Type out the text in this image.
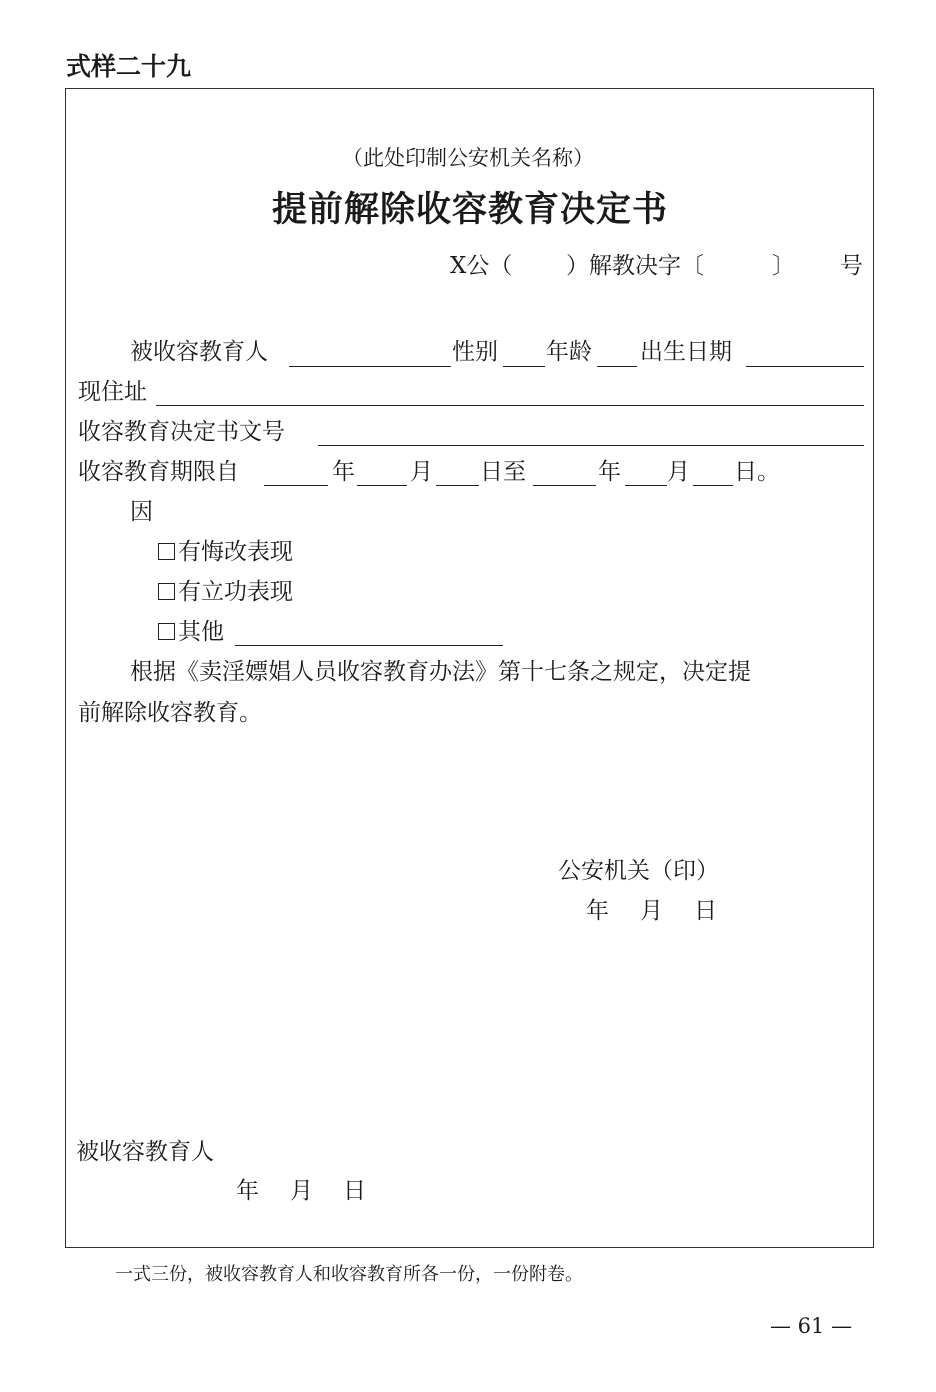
式样二十九
（此处印制公安机关名称）
提前解除收容教育决定书
X公（ ）解教决字〔	〕 号
被收容教育人	性别 年龄 出生日期
现住址
收容教育决定书文号
收容教育期限自	年 月 日至	年 月 日。
因
有悔改表现
有立功表现
其他
根据《卖淫嫖娼人员收容教育办法》第十七条之规定，决定提
前解除收容教育。
公安机关（印）
年 月 日
被收容教育人
年 月 日
一式三份，被收容教育人和收容教育所各一份，一份附卷。
— 61 —
